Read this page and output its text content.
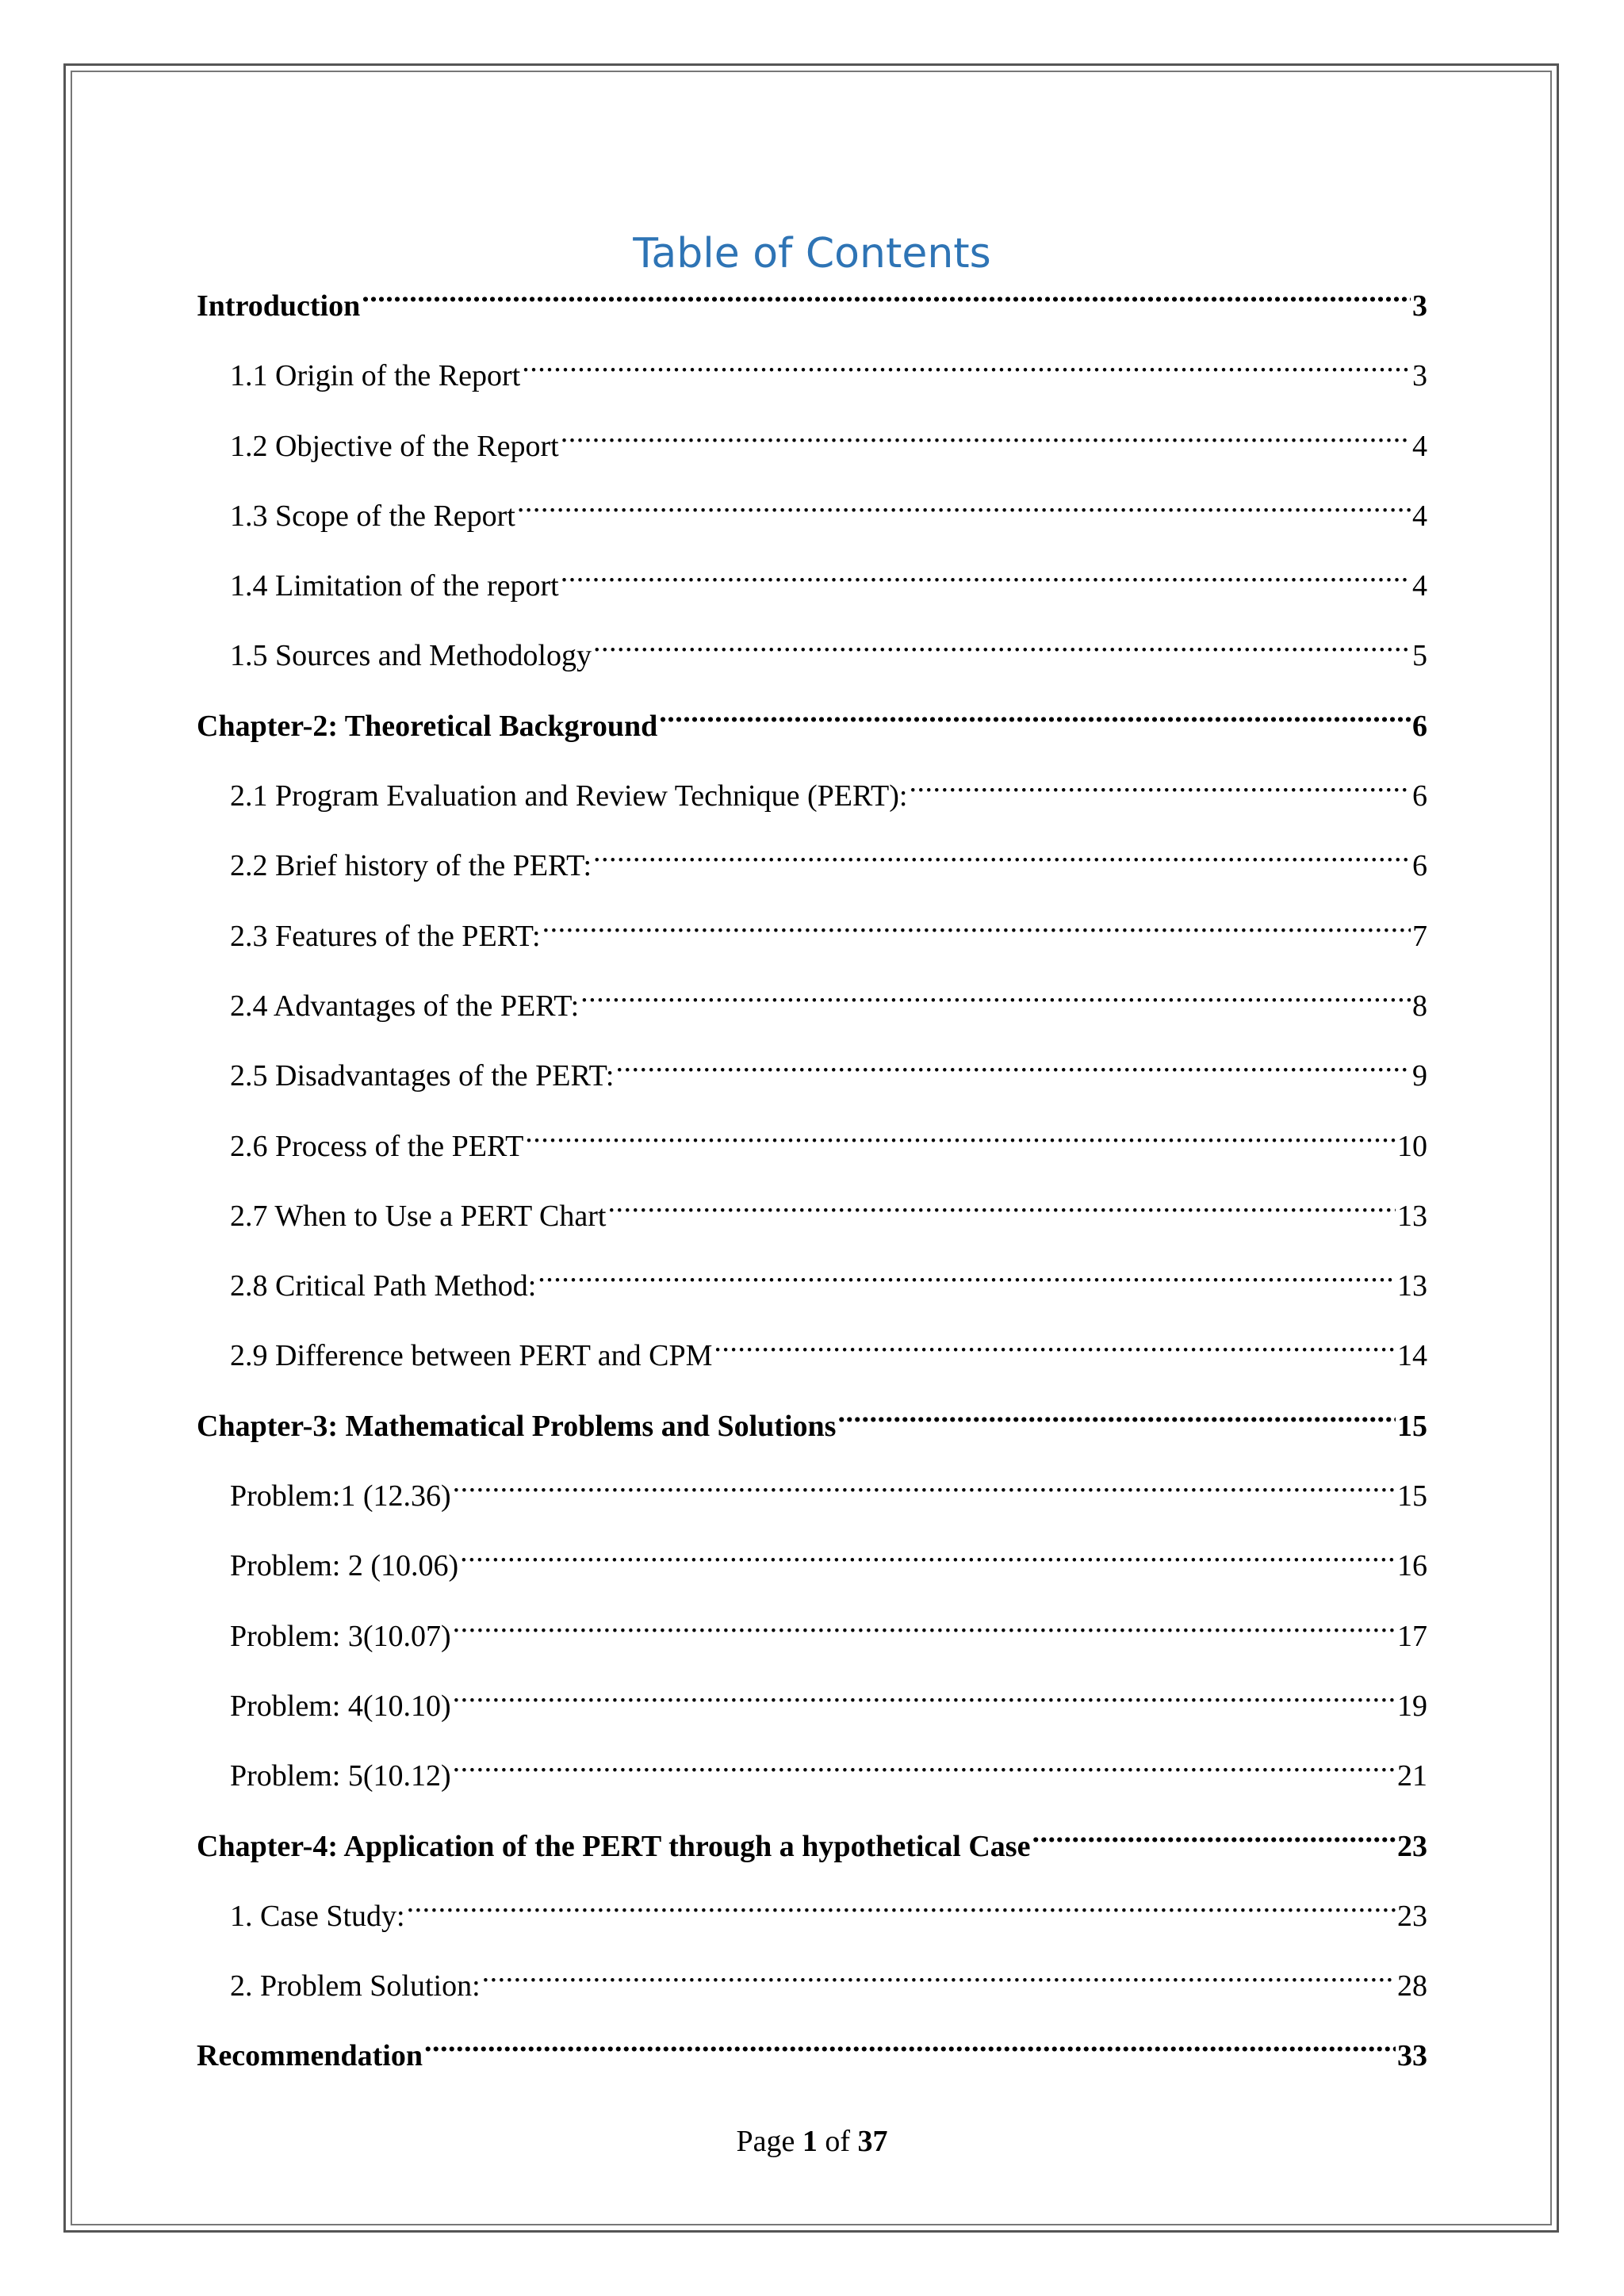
Table of Contents
Introduction .....	3
1.1 Origin of the Report .....	3
1.2 Objective of the Report .....	4
1.3 Scope of the Report .....	4
1.4 Limitation of the report .....	4
1.5 Sources and Methodology .....	5
Chapter-2: Theoretical Background .....	6
2.1 Program Evaluation and Review Technique (PERT): .....	6
2.2 Brief history of the PERT: .....	6
2.3 Features of the PERT: .....	7
2.4 Advantages of the PERT: .....	8
2.5 Disadvantages of the PERT: .....	9
2.6 Process of the PERT .....	10
2.7 When to Use a PERT Chart .....	13
2.8 Critical Path Method: .....	13
2.9 Difference between PERT and CPM .....	14
Chapter-3: Mathematical Problems and Solutions .....	15
Problem:1 (12.36) .....	15
Problem: 2 (10.06) .....	16
Problem: 3(10.07) .....	17
Problem: 4(10.10) .....	19
Problem: 5(10.12) .....	21
Chapter-4: Application of the PERT through a hypothetical Case .....	23
1. Case Study: .....	23
2. Problem Solution: .....	28
Recommendation .....	33
Page 1 of 37
